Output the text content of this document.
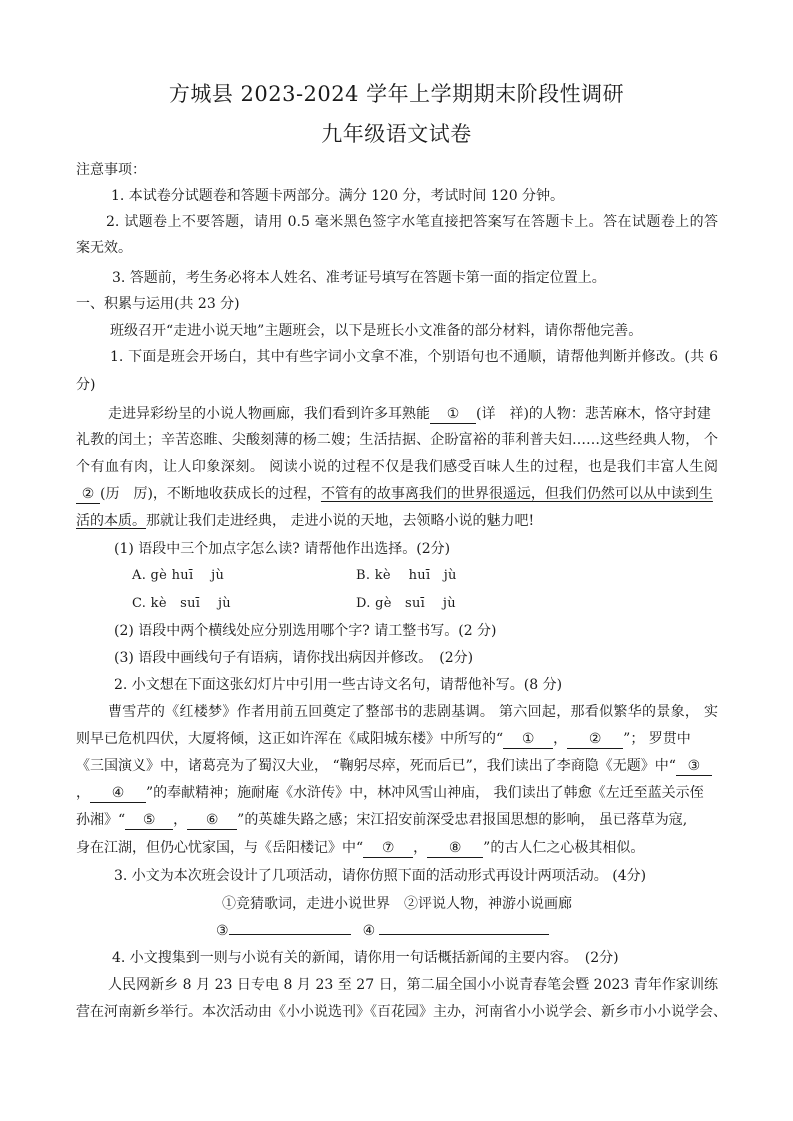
方城县 2023-2024 学年上学期期末阶段性调研
九年级语文试卷
注意事项：
1. 本试卷分试题卷和答题卡两部分。满分 120 分，考试时间 120 分钟。
2. 试题卷上不要答题，请用 0.5 毫米黑色签字水笔直接把答案写在答题卡上。答在试题卷上的答
案无效。
3. 答题前，考生务必将本人姓名、准考证号填写在答题卡第一面的指定位置上。
一、积累与运用(共 23 分)
班级召开“走进小说天地”主题班会，以下是班长小文准备的部分材料，请你帮他完善。
1. 下面是班会开场白，其中有些字词小文拿不准，个别语句也不通顺，请帮他判断并修改。(共 6
分)
走进异彩纷呈的小说人物画廊，我们看到许多耳熟能 ① (详　祥)的人物：悲苦麻木，恪守封建
礼教的闰土；辛苦恣睢、尖酸刻薄的杨二嫂；生活拮据、企盼富裕的菲利普夫妇……这些经典人物， 个
个有血有肉，让人印象深刻。 阅读小说的过程不仅是我们感受百味人生的过程，也是我们丰富人生阅
② (历　厉)，不断地收获成长的过程，不管有的故事离我们的世界很遥远，但我们仍然可以从中读到生
活的本质。那就让我们走进经典， 走进小说的天地，去领略小说的魅力吧!
(1) 语段中三个加点字怎么读? 请帮他作出选择。(2分)
A. gè huī　 jù	B. kè　 huī　jù
C. kè　suī　 jù	D. gè　suī　 jù
(2) 语段中两个横线处应分别选用哪个字? 请工整书写。(2 分)
(3) 语段中画线句子有语病，请你找出病因并修改。　(2分)
2. 小文想在下面这张幻灯片中引用一些古诗文名句，请帮他补写。(8 分)
曹雪芹的《红楼梦》作者用前五回奠定了整部书的悲剧基调。 第六回起，那看似繁华的景象， 实
则早已危机四伏，大厦将倾，这正如许浑在《咸阳城东楼》中所写的“ ① ， ② ”； 罗贯中
《三国演义》中，诸葛亮为了蜀汉大业， “鞠躬尽瘁，死而后已”，我们读出了李商隐《无题》中“ ③
， ④ ”的奉献精神；施耐庵《水浒传》中，林冲风雪山神庙， 我们读出了韩愈《左迁至蓝关示侄
孙湘》“ ⑤ ， ⑥ ”的英雄失路之感；宋江招安前深受忠君报国思想的影响， 虽已落草为寇,
身在江湖，但仍心忧家国，与《岳阳楼记》中“ ⑦ ， ⑧ ”的古人仁之心极其相似。
3. 小文为本次班会设计了几项活动，请你仿照下面的活动形式再设计两项活动。 (4分)
①竞猜歌词，走进小说世界　②评说人物，神游小说画廊
③	④
4. 小文搜集到一则与小说有关的新闻，请你用一句话概括新闻的主要内容。　(2分)
人民网新乡 8 月 23 日专电 8 月 23 至 27 日，第二届全国小小说青春笔会暨 2023 青年作家训练
营在河南新乡举行。本次活动由《小小说选刊》《百花园》主办，河南省小小说学会、新乡市小小说学会、
